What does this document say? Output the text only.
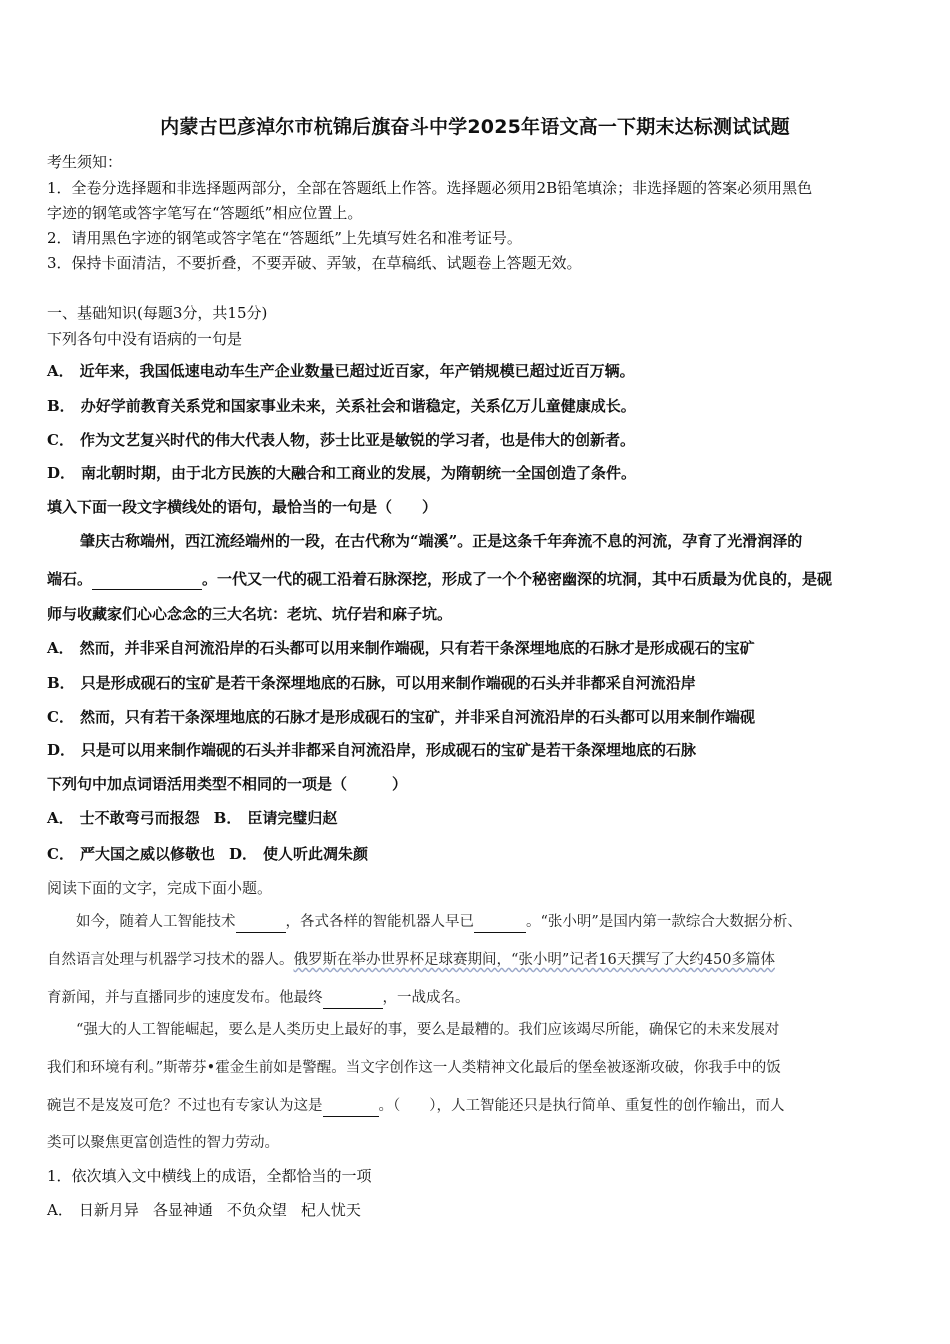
内蒙古巴彦淖尔市杭锦后旗奋斗中学2025年语文高一下期末达标测试试题
考生须知：
1．全卷分选择题和非选择题两部分，全部在答题纸上作答。选择题必须用2B铅笔填涂；非选择题的答案必须用黑色
字迹的钢笔或答字笔写在“答题纸”相应位置上。
2．请用黑色字迹的钢笔或答字笔在“答题纸”上先填写姓名和准考证号。
3．保持卡面清洁，不要折叠，不要弄破、弄皱，在草稿纸、试题卷上答题无效。
一、基础知识(每题3分，共15分)
下列各句中没有语病的一句是
A． 近年来，我国低速电动车生产企业数量已超过近百家，年产销规模已超过近百万辆。
B． 办好学前教育关系党和国家事业未来，关系社会和谐稳定，关系亿万儿童健康成长。
C． 作为文艺复兴时代的伟大代表人物，莎士比亚是敏锐的学习者，也是伟大的创新者。
D． 南北朝时期，由于北方民族的大融合和工商业的发展，为隋朝统一全国创造了条件。
填入下面一段文字横线处的语句，最恰当的一句是（　　）
肇庆古称端州，西江流经端州的一段，在古代称为“端溪”。正是这条千年奔流不息的河流，孕育了光滑润泽的
端石。	。一代又一代的砚工沿着石脉深挖，形成了一个个秘密幽深的坑洞，其中石质最为优良的，是砚
师与收藏家们心心念念的三大名坑：老坑、坑仔岩和麻子坑。
A． 然而，并非采自河流沿岸的石头都可以用来制作端砚，只有若干条深埋地底的石脉才是形成砚石的宝矿
B． 只是形成砚石的宝矿是若干条深埋地底的石脉，可以用来制作端砚的石头并非都采自河流沿岸
C． 然而，只有若干条深埋地底的石脉才是形成砚石的宝矿，并非采自河流沿岸的石头都可以用来制作端砚
D． 只是可以用来制作端砚的石头并非都采自河流沿岸，形成砚石的宝矿是若干条深埋地底的石脉
下列句中加点词语活用类型不相同的一项是（　　　）
A． 士不敢弯弓而报怨 B． 臣请完璧归赵
C． 严大国之威以修敬也 D． 使人听此凋朱颜
阅读下面的文字，完成下面小题。
如今，随着人工智能技术	，各式各样的智能机器人早已	。“张小明”是国内第一款综合大数据分析、
自然语言处理与机器学习技术的器人。俄罗斯在举办世界杯足球赛期间，“张小明”记者16天撰写了大约450多篇体
育新闻，并与直播同步的速度发布。他最终	，一战成名。
“强大的人工智能崛起，要么是人类历史上最好的事，要么是最糟的。我们应该竭尽所能，确保它的未来发展对
我们和环境有利。”斯蒂芬•霍金生前如是警醒。当文字创作这一人类精神文化最后的堡垒被逐渐攻破，你我手中的饭
碗岂不是岌岌可危？不过也有专家认为这是	。（　　），人工智能还只是执行简单、重复性的创作输出，而人
类可以聚焦更富创造性的智力劳动。
1．依次填入文中横线上的成语，全都恰当的一项
A． 日新月异 各显神通 不负众望 杞人忧天
